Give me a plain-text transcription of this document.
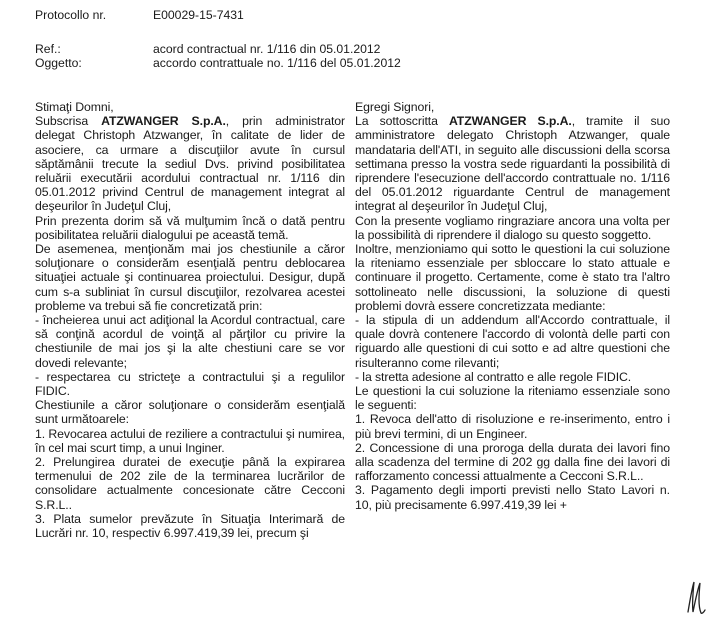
Protocollo nr.	E00029-15-7431
Ref.:	acord contractual nr. 1/116 din 05.01.2012
Oggetto:	accordo contrattuale no. 1/116 del 05.01.2012

Stimaţi Domni,

Subscrisa ATZWANGER S.p.A., prin administrator delegat Christoph Atzwanger, în calitate de lider de asociere, ca urmare a discuţiilor avute în cursul săptămânii trecute la sediul Dvs. privind posibilitatea reluării executării acordului contractual nr. 1/116 din 05.01.2012 privind Centrul de management integrat al deşeurilor în Judeţul Cluj,

Prin prezenta dorim să vă mulţumim încă o dată pentru posibilitatea reluării dialogului pe această temă.

De asemenea, menţionăm mai jos chestiunile a căror soluţionare o considerăm esenţială pentru deblocarea situaţiei actuale şi continuarea proiectului. Desigur, după cum s-a subliniat în cursul discuţiilor, rezolvarea acestei probleme va trebui să fie concretizată prin:

- încheierea unui act adiţional la Acordul contractual, care să conţină acordul de voinţă al părţilor cu privire la chestiunile de mai jos şi la alte chestiuni care se vor dovedi relevante;

- respectarea cu stricteţe a contractului şi a regulilor FIDIC.

Chestiunile a căror soluţionare o considerăm esenţială sunt următoarele:

1. Revocarea actului de reziliere a contractului şi numirea, în cel mai scurt timp, a unui Inginer.

2. Prelungirea duratei de execuţie până la expirarea termenului de 202 zile de la terminarea lucrărilor de consolidare actualmente concesionate către Cecconi S.R.L..

3. Plata sumelor prevăzute în Situaţia Interimară de Lucrări nr. 10, respectiv 6.997.419,39 lei, precum şi

Egregi Signori,

La sottoscritta ATZWANGER S.p.A., tramite il suo amministratore delegato Christoph Atzwanger, quale mandataria dell'ATI, in seguito alle discussioni della scorsa settimana presso la vostra sede riguardanti la possibilità di riprendere l'esecuzione dell'accordo contrattuale no. 1/116 del 05.01.2012 riguardante Centrul de management integrat al deşeurilor în Judeţul Cluj,

Con la presente vogliamo ringraziare ancora una volta per la possibilità di riprendere il dialogo su questo soggetto.

Inoltre, menzioniamo qui sotto le questioni la cui soluzione la riteniamo essenziale per sbloccare lo stato attuale e continuare il progetto. Certamente, come è stato tra l'altro sottolineato nelle discussioni, la soluzione di questi problemi dovrà essere concretizzata mediante:

- la stipula di un addendum all'Accordo contrattuale, il quale dovrà contenere l'accordo di volontà delle parti con riguardo alle questioni di cui sotto e ad altre questioni che risulteranno come rilevanti;

- la stretta adesione al contratto e alle regole FIDIC.

Le questioni la cui soluzione la riteniamo essenziale sono le seguenti:

1. Revoca dell'atto di risoluzione e re-inserimento, entro i più brevi termini, di un Engineer.

2. Concessione di una proroga della durata dei lavori fino alla scadenza del termine di 202 gg dalla fine dei lavori di rafforzamento concessi attualmente a Cecconi S.R.L..

3. Pagamento degli importi previsti nello Stato Lavori n. 10, più precisamente 6.997.419,39 lei +
